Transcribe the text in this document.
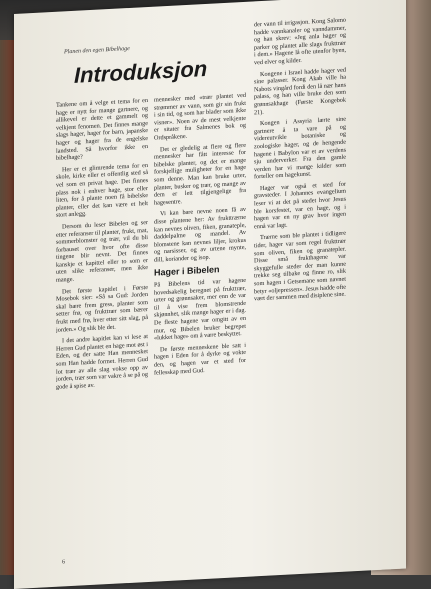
Planen den egen Bibelhage
Introduksjon

Tankene om å velge et tema for en hage er nytt for mange gartnere, og allikevel er dette et gammelt og velkjent fenomen. Det finnes mange slags hager, hager for barn, japanske hager og hager fra de engelske landsted. Så hvorfor ikke en bibelhage?

Her er et glimrende tema for en skole, kirke eller et offentlig sted så vel som en privat hage. Det finnes plass nok i enhver hage, stor eller liten, for å plante noen få bibelske planter, eller det kan være et helt stort anlegg.

Dersom du leser Bibelen og ser etter referanser til planter, frukt, mat, sommerblomster og trær, vil du bli forbauset over hvor ofte disse tingene blir nevnt. Det finnes kanskje et kapittel eller to som er uten slike referanser, men ikke mange.

Det første kapitlet i Første Mosebok sier: «Så sa Gud: Jorden skal bære frem gress, planter som setter frø, og frukttrær som bærer frukt med frø, hver etter sitt slag, på jorden.» Og slik ble det.

I det andre kapitlet kan vi lese at Herren Gud plantet en hage mot øst i Eden, og der satte Han mennesket som Han hadde formet. Herren Gud lot trær av alle slag vokse opp av jorden, trær som var vakre å se på og gode å spise av.

mennesker med «trær plantet ved strømmer av vann, som gir sin frukt i sin tid, og som har blader som ikke visner». Noen av de mest velkjente er sitater fra Salmenes bok og Ordspråkene.

Det er gledelig at flere og flere mennesker har fått interesse for bibelske planter, og det er mange forskjellige muligheter for en hage som denne. Man kan bruke urter, planter, busker og trær, og mange av dem er lett tilgjengelige fra hagesentre.

Vi kan bare nevne noen få av disse plantene her: Av frukttrærne kan nevnes oliven, fiken, granateple, daddelpalme og mandel. Av blomstene kan nevnes liljer, krokus og narsisser, og av urtene mynte, dill, koriander og isop.

Hager i Bibelen

På Bibelens tid var hagene hovedsakelig beregnet på frukttrær, urter og grønnsaker, mer enn de var til å vise frem blomstrende skjønnhet, slik mange hager er i dag. De fleste hagene var omgitt av en mur, og Bibelen bruker begrepet «lukket hage» om å være beskyttet.

De første menneskene ble satt i hagen i Eden for å dyrke og vokte den, og hagen var et sted for fellesskap med Gud.

der vann til irrigasjon. Kong Salomo hadde vannkanaler og vanndammer, og han skrev: «Jeg anla hager og parker og plantet alle slags frukttrær i dem.» Hagene lå ofte utenfor byen, ved elver og kilder.

Kongene i Israel hadde hager ved sine palasser. Kong Akab ville ha Nabots vingård fordi den lå nær hans palass, og han ville bruke den som grønnsakhage (Første Kongebok 21).

Kongen i Assyria lærte sine gartnere å ta vare på og videreutvikle botaniske og zoologiske hager, og de hengende hagene i Babylon var et av verdens sju underverker. Fra den gamle verden har vi mange kilder som forteller om hagekunst.

Hager var også et sted for gravsteder. I Johannes evangelium leser vi at det på stedet hvor Jesus ble korsfestet, var en hage, og i hagen var en ny grav hvor ingen ennå var lagt.

Trærne som ble plantet i tidligere tider, hager var som regel frukttrær som oliven, fiken og granatepler. Disse små frukthagene var skyggefulle steder der man kunne trekke seg tilbake og finne ro, slik som hagen i Getsemane som navnet betyr «oljepressen». Jesus hadde ofte vært der sammen med disiplene sine.

6
